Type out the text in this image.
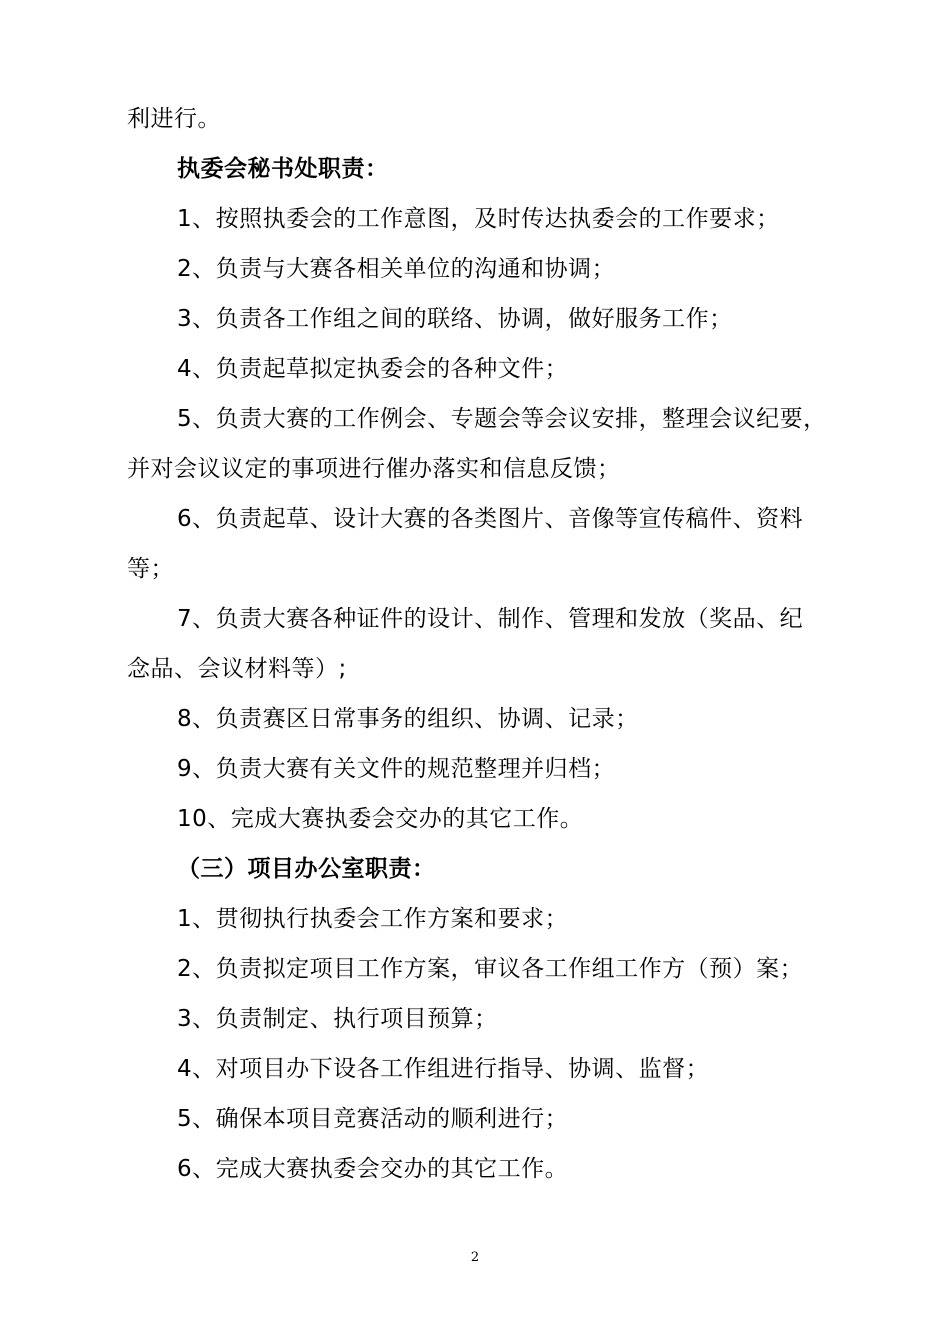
利进行。
执委会秘书处职责：
1、按照执委会的工作意图，及时传达执委会的工作要求；
2、负责与大赛各相关单位的沟通和协调；
3、负责各工作组之间的联络、协调，做好服务工作；
4、负责起草拟定执委会的各种文件；
5、负责大赛的工作例会、专题会等会议安排，整理会议纪要，
并对会议议定的事项进行催办落实和信息反馈；
6、负责起草、设计大赛的各类图片、音像等宣传稿件、资料
等；
7、负责大赛各种证件的设计、制作、管理和发放（奖品、纪
念品、会议材料等）;
8、负责赛区日常事务的组织、协调、记录；
9、负责大赛有关文件的规范整理并归档；
10、完成大赛执委会交办的其它工作。
（三）项目办公室职责：
1、贯彻执行执委会工作方案和要求；
2、负责拟定项目工作方案，审议各工作组工作方（预）案；
3、负责制定、执行项目预算；
4、对项目办下设各工作组进行指导、协调、监督；
5、确保本项目竞赛活动的顺利进行；
6、完成大赛执委会交办的其它工作。
2
